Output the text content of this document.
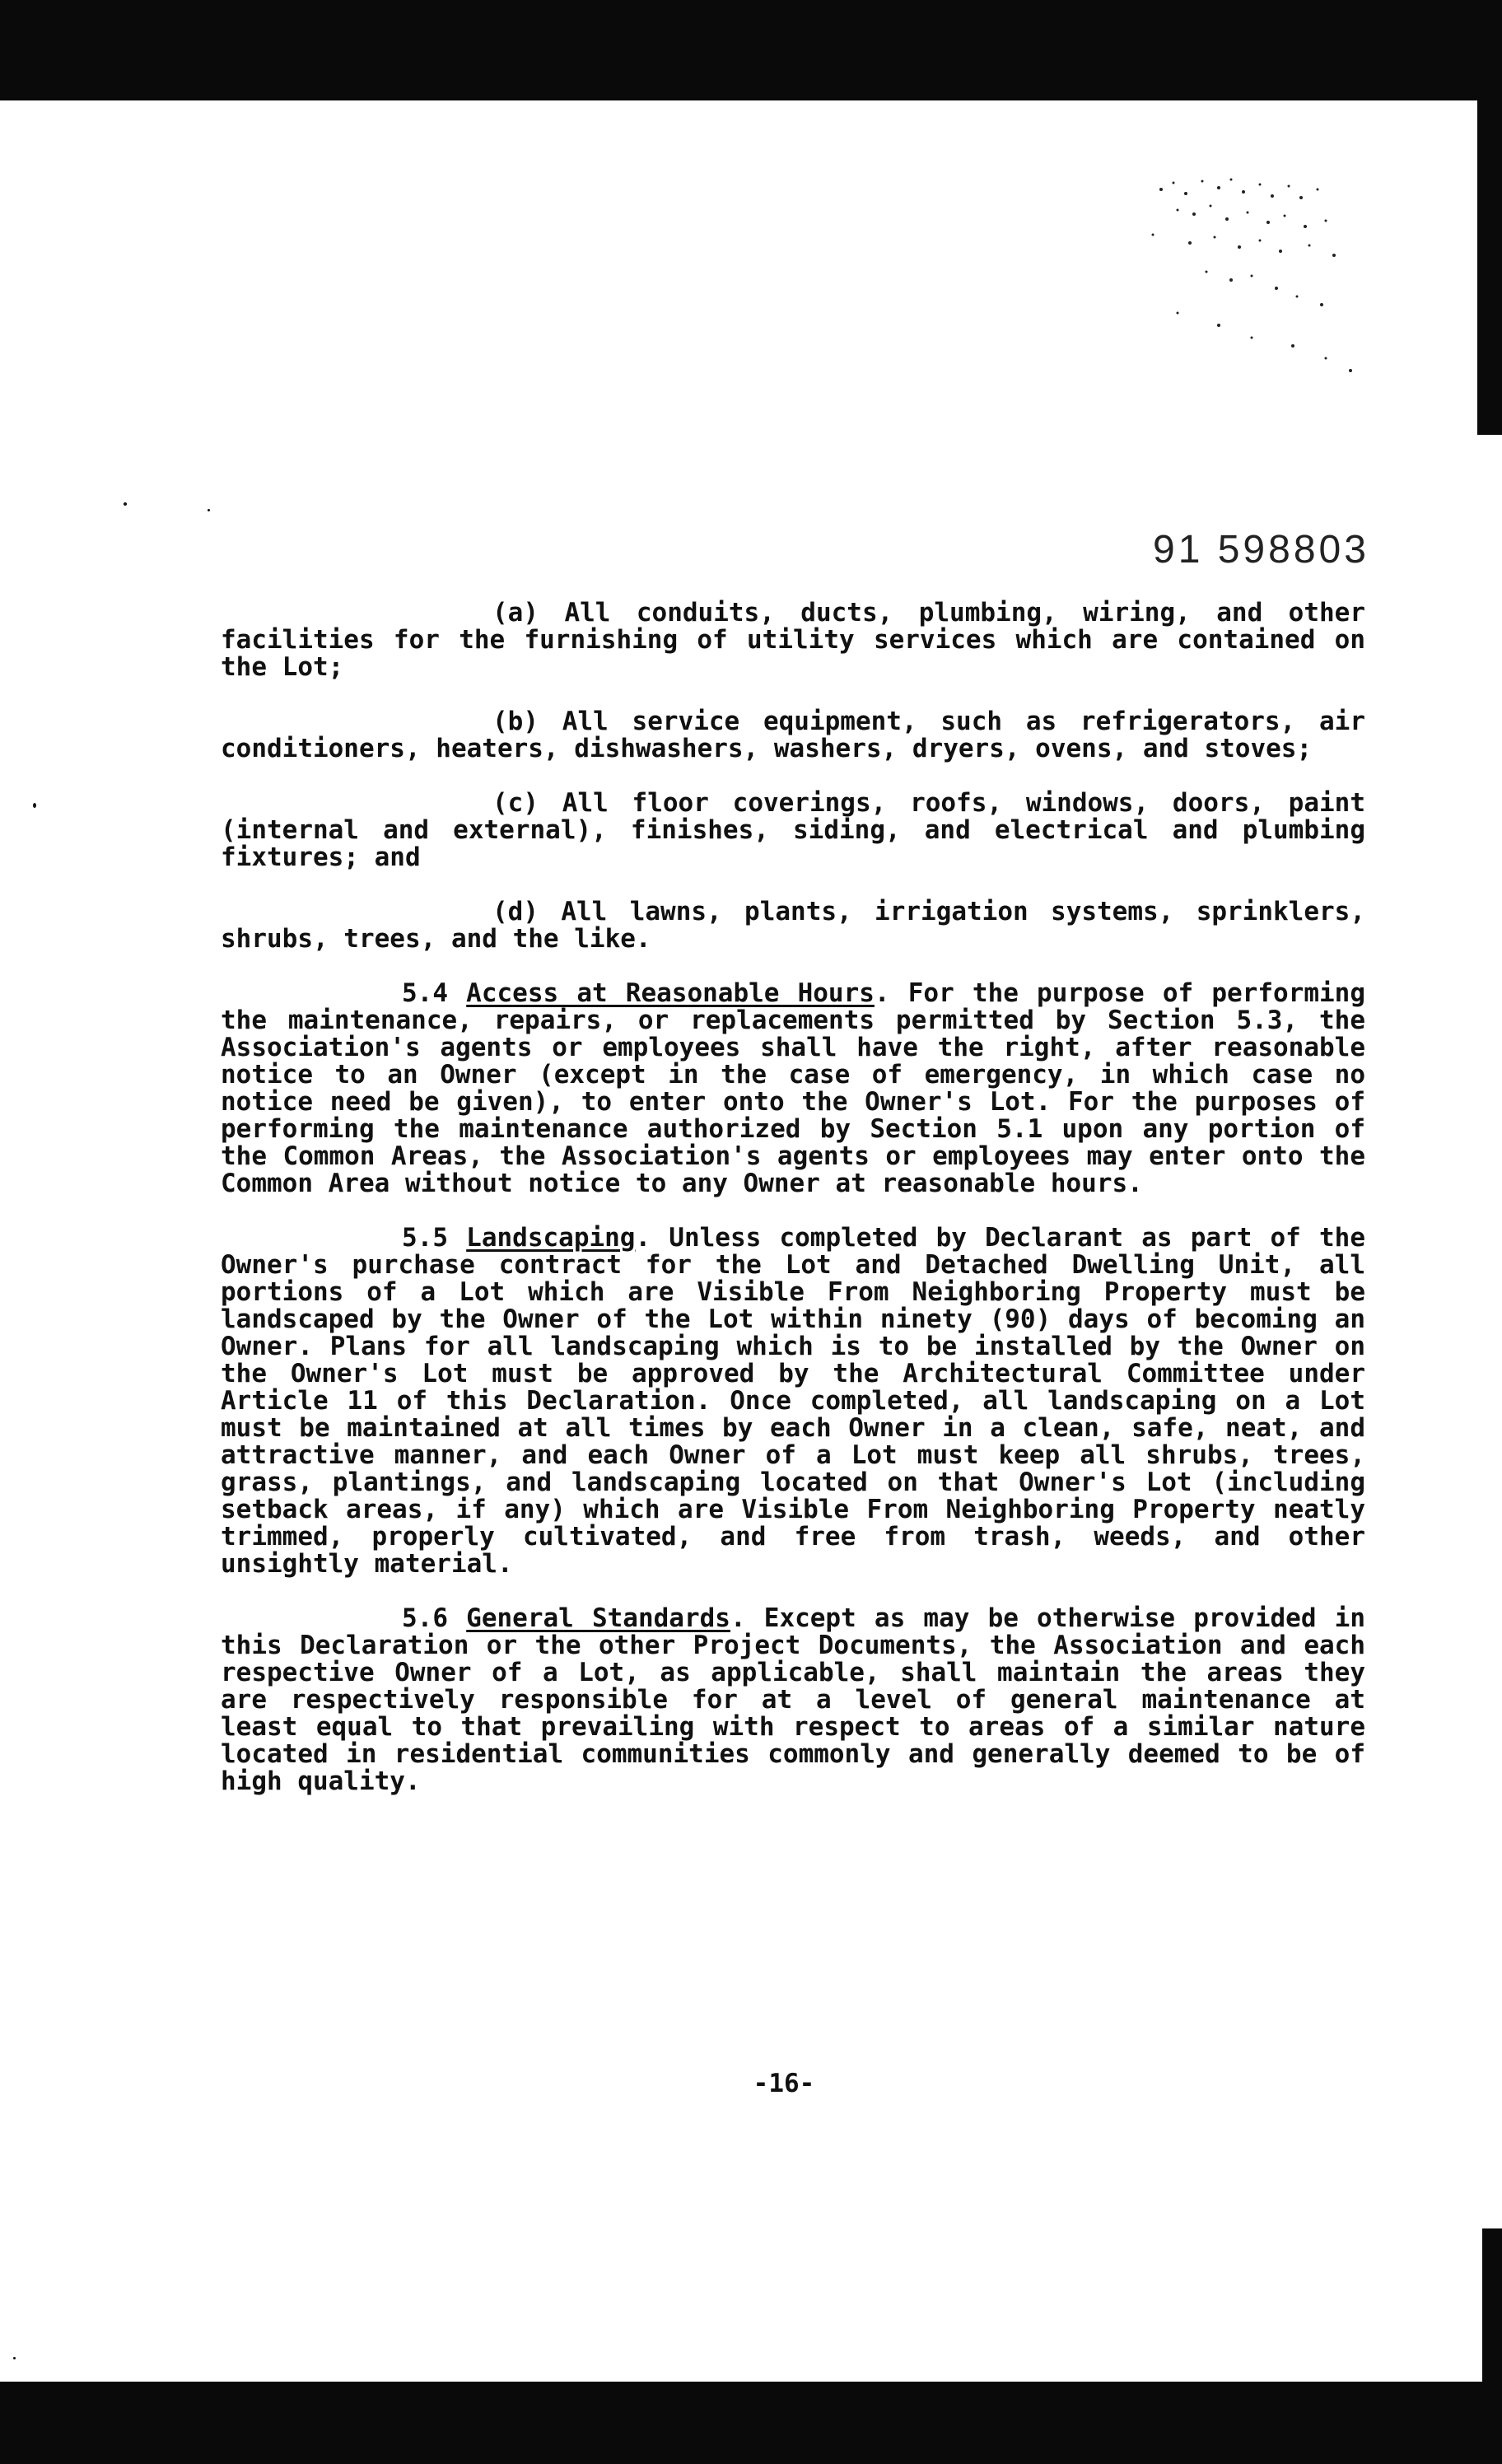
91 598803

(a) All conduits, ducts, plumbing, wiring, and other facilities for the furnishing of utility services which are contained on the Lot;

(b) All service equipment, such as refrigerators, air conditioners, heaters, dishwashers, washers, dryers, ovens, and stoves;

(c) All floor coverings, roofs, windows, doors, paint (internal and external), finishes, siding, and electrical and plumbing fixtures; and

(d) All lawns, plants, irrigation systems, sprinklers, shrubs, trees, and the like.

5.4 Access at Reasonable Hours. For the purpose of performing the maintenance, repairs, or replacements permitted by Section 5.3, the Association's agents or employees shall have the right, after reasonable notice to an Owner (except in the case of emergency, in which case no notice need be given), to enter onto the Owner's Lot. For the purposes of performing the maintenance authorized by Section 5.1 upon any portion of the Common Areas, the Association's agents or employees may enter onto the Common Area without notice to any Owner at reasonable hours.

5.5 Landscaping. Unless completed by Declarant as part of the Owner's purchase contract for the Lot and Detached Dwelling Unit, all portions of a Lot which are Visible From Neighboring Property must be landscaped by the Owner of the Lot within ninety (90) days of becoming an Owner. Plans for all landscaping which is to be installed by the Owner on the Owner's Lot must be approved by the Architectural Committee under Article 11 of this Declaration. Once completed, all landscaping on a Lot must be maintained at all times by each Owner in a clean, safe, neat, and attractive manner, and each Owner of a Lot must keep all shrubs, trees, grass, plantings, and landscaping located on that Owner's Lot (including setback areas, if any) which are Visible From Neighboring Property neatly trimmed, properly cultivated, and free from trash, weeds, and other unsightly material.

5.6 General Standards. Except as may be otherwise provided in this Declaration or the other Project Documents, the Association and each respective Owner of a Lot, as applicable, shall maintain the areas they are respectively responsible for at a level of general maintenance at least equal to that prevailing with respect to areas of a similar nature located in residential communities commonly and generally deemed to be of high quality.

-16-
